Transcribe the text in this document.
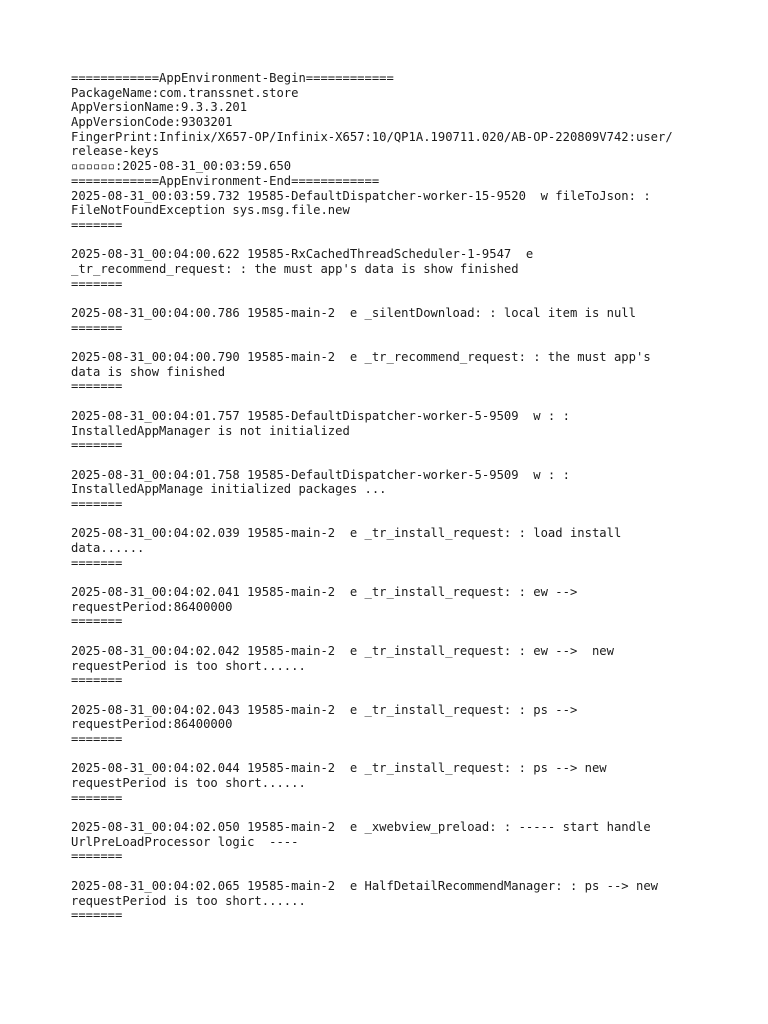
============AppEnvironment-Begin============
PackageName:com.transsnet.store
AppVersionName:9.3.3.201
AppVersionCode:9303201
FingerPrint:Infinix/X657-OP/Infinix-X657:10/QP1A.190711.020/AB-OP-220809V742:user/
release-keys
▫▫▫▫▫▫:2025-08-31_00:03:59.650
============AppEnvironment-End============
2025-08-31_00:03:59.732 19585-DefaultDispatcher-worker-15-9520  w fileToJson: :
FileNotFoundException sys.msg.file.new
=======
2025-08-31_00:04:00.622 19585-RxCachedThreadScheduler-1-9547  e
_tr_recommend_request: : the must app's data is show finished
=======
2025-08-31_00:04:00.786 19585-main-2  e _silentDownload: : local item is null
=======
2025-08-31_00:04:00.790 19585-main-2  e _tr_recommend_request: : the must app's
data is show finished
=======
2025-08-31_00:04:01.757 19585-DefaultDispatcher-worker-5-9509  w : :
InstalledAppManager is not initialized
=======
2025-08-31_00:04:01.758 19585-DefaultDispatcher-worker-5-9509  w : :
InstalledAppManage initialized packages ...
=======
2025-08-31_00:04:02.039 19585-main-2  e _tr_install_request: : load install
data......
=======
2025-08-31_00:04:02.041 19585-main-2  e _tr_install_request: : ew -->
requestPeriod:86400000
=======
2025-08-31_00:04:02.042 19585-main-2  e _tr_install_request: : ew -->  new
requestPeriod is too short......
=======
2025-08-31_00:04:02.043 19585-main-2  e _tr_install_request: : ps -->
requestPeriod:86400000
=======
2025-08-31_00:04:02.044 19585-main-2  e _tr_install_request: : ps --> new
requestPeriod is too short......
=======
2025-08-31_00:04:02.050 19585-main-2  e _xwebview_preload: : ----- start handle
UrlPreLoadProcessor logic  ----
=======
2025-08-31_00:04:02.065 19585-main-2  e HalfDetailRecommendManager: : ps --> new
requestPeriod is too short......
=======
